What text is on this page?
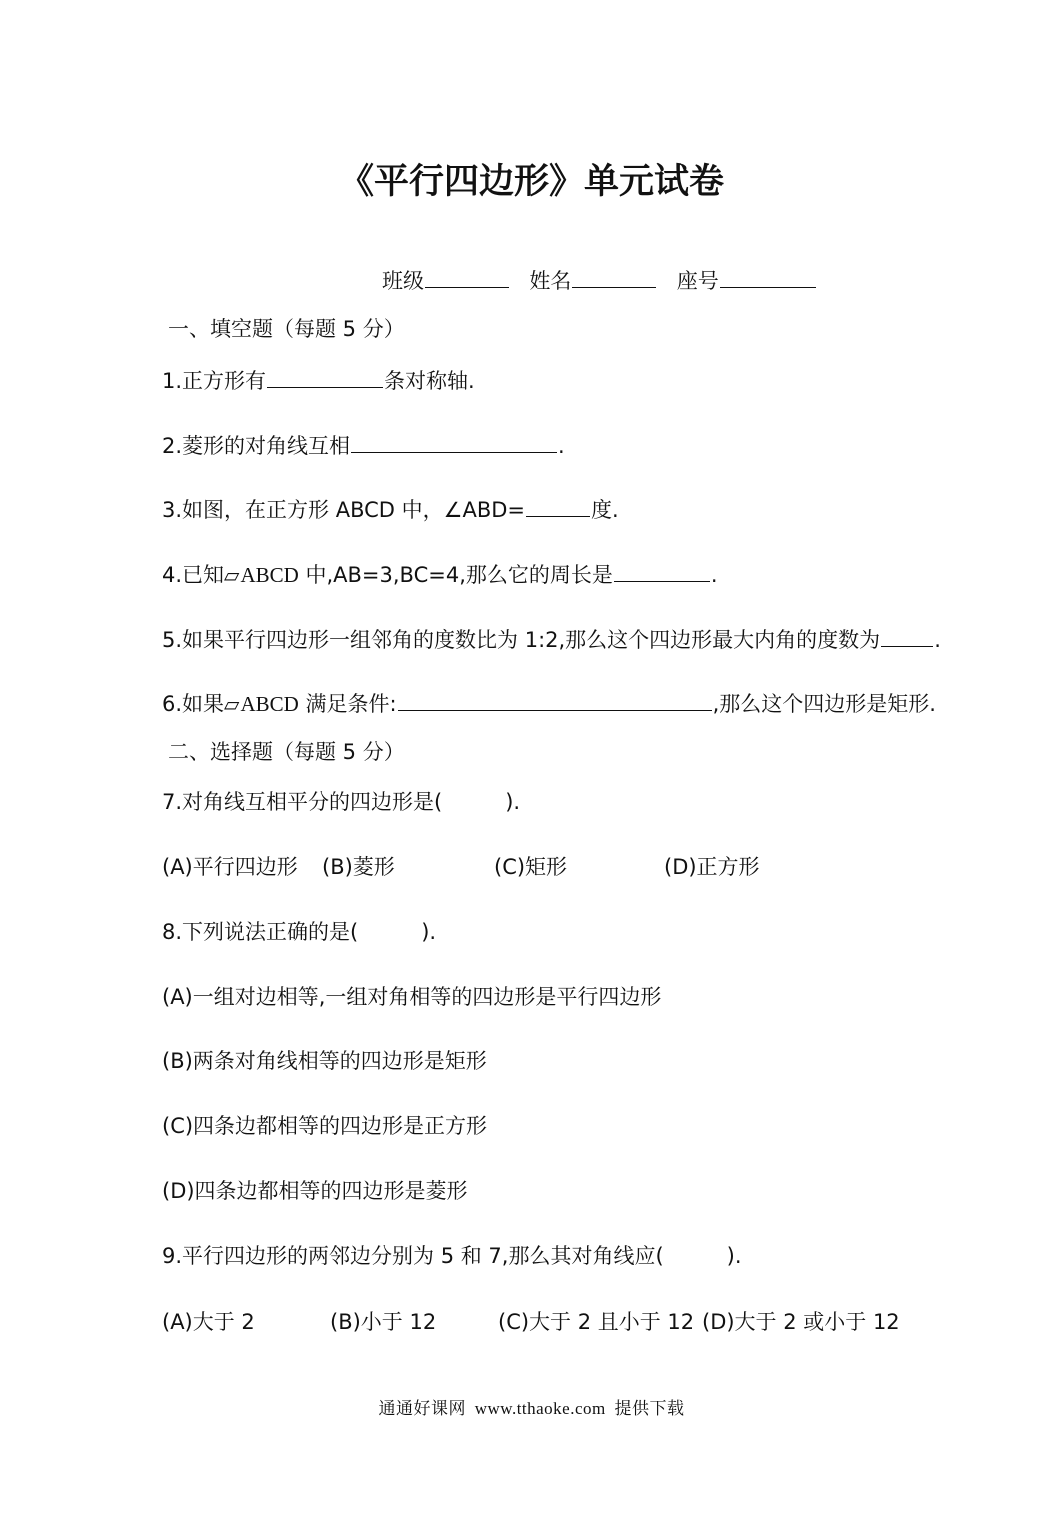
《平行四边形》单元试卷
班级	姓名	座号
一、填空题（每题 5 分）
1.正方形有	条对称轴.
2.菱形的对角线互相	.
3.如图，在正方形 ABCD 中，∠ABD=	度.
4.已知▱ABCD 中,AB=3,BC=4,那么它的周长是	.
5.如果平行四边形一组邻角的度数比为 1:2,那么这个四边形最大内角的度数为	.
6.如果▱ABCD 满足条件:	,那么这个四边形是矩形.
二、选择题（每题 5 分）
7.对角线互相平分的四边形是(　　　).
(A)平行四边形 (B)菱形	(C)矩形	(D)正方形
8.下列说法正确的是(　　　).
(A)一组对边相等,一组对角相等的四边形是平行四边形
(B)两条对角线相等的四边形是矩形
(C)四条边都相等的四边形是正方形
(D)四条边都相等的四边形是菱形
9.平行四边形的两邻边分别为 5 和 7,那么其对角线应(　　　).
(A)大于 2	(B)小于 12	(C)大于 2 且小于 12 (D)大于 2 或小于 12
通通好课网 www.tthaoke.com 提供下载
